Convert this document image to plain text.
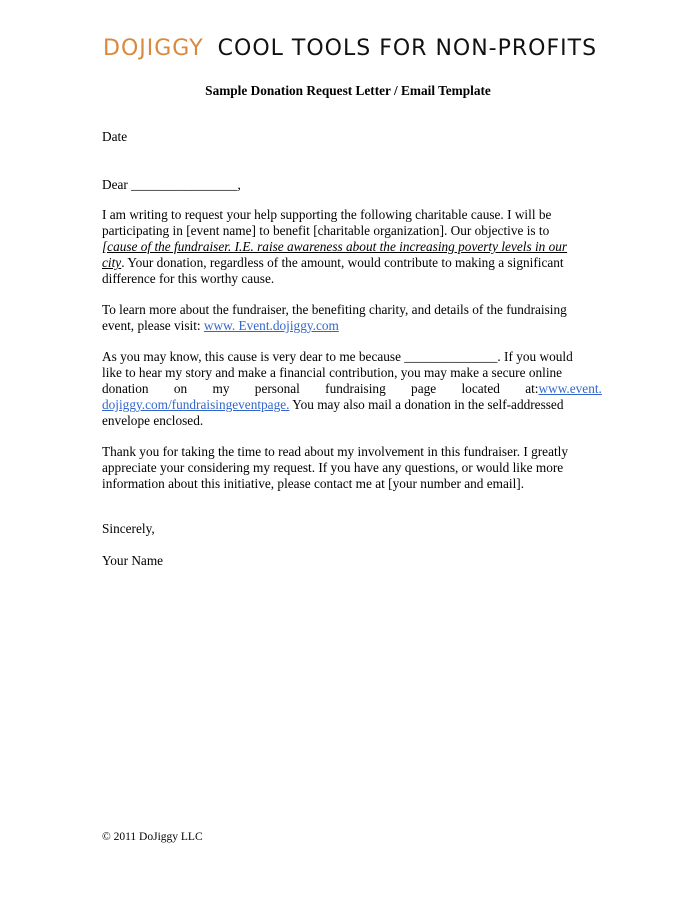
DOJIGGY COOL TOOLS FOR NON-PROFITS
Sample Donation Request Letter / Email Template
Date
Dear ________________,
I am writing to request your help supporting the following charitable cause. I will be
participating in [event name] to benefit [charitable organization]. Our objective is to
[cause of the fundraiser. I.E. raise awareness about the increasing poverty levels in our
city. Your donation, regardless of the amount, would contribute to making a significant
difference for this worthy cause.
To learn more about the fundraiser, the benefiting charity, and details of the fundraising
event, please visit: www. Event.dojiggy.com
As you may know, this cause is very dear to me because ______________. If you would
like to hear my story and make a financial contribution, you may make a secure online
donation on my personal fundraising page located at: www.event.
dojiggy.com/fundraisingeventpage. You may also mail a donation in the self-addressed
envelope enclosed.
Thank you for taking the time to read about my involvement in this fundraiser. I greatly
appreciate your considering my request. If you have any questions, or would like more
information about this initiative, please contact me at [your number and email].
Sincerely,
Your Name
© 2011 DoJiggy LLC
